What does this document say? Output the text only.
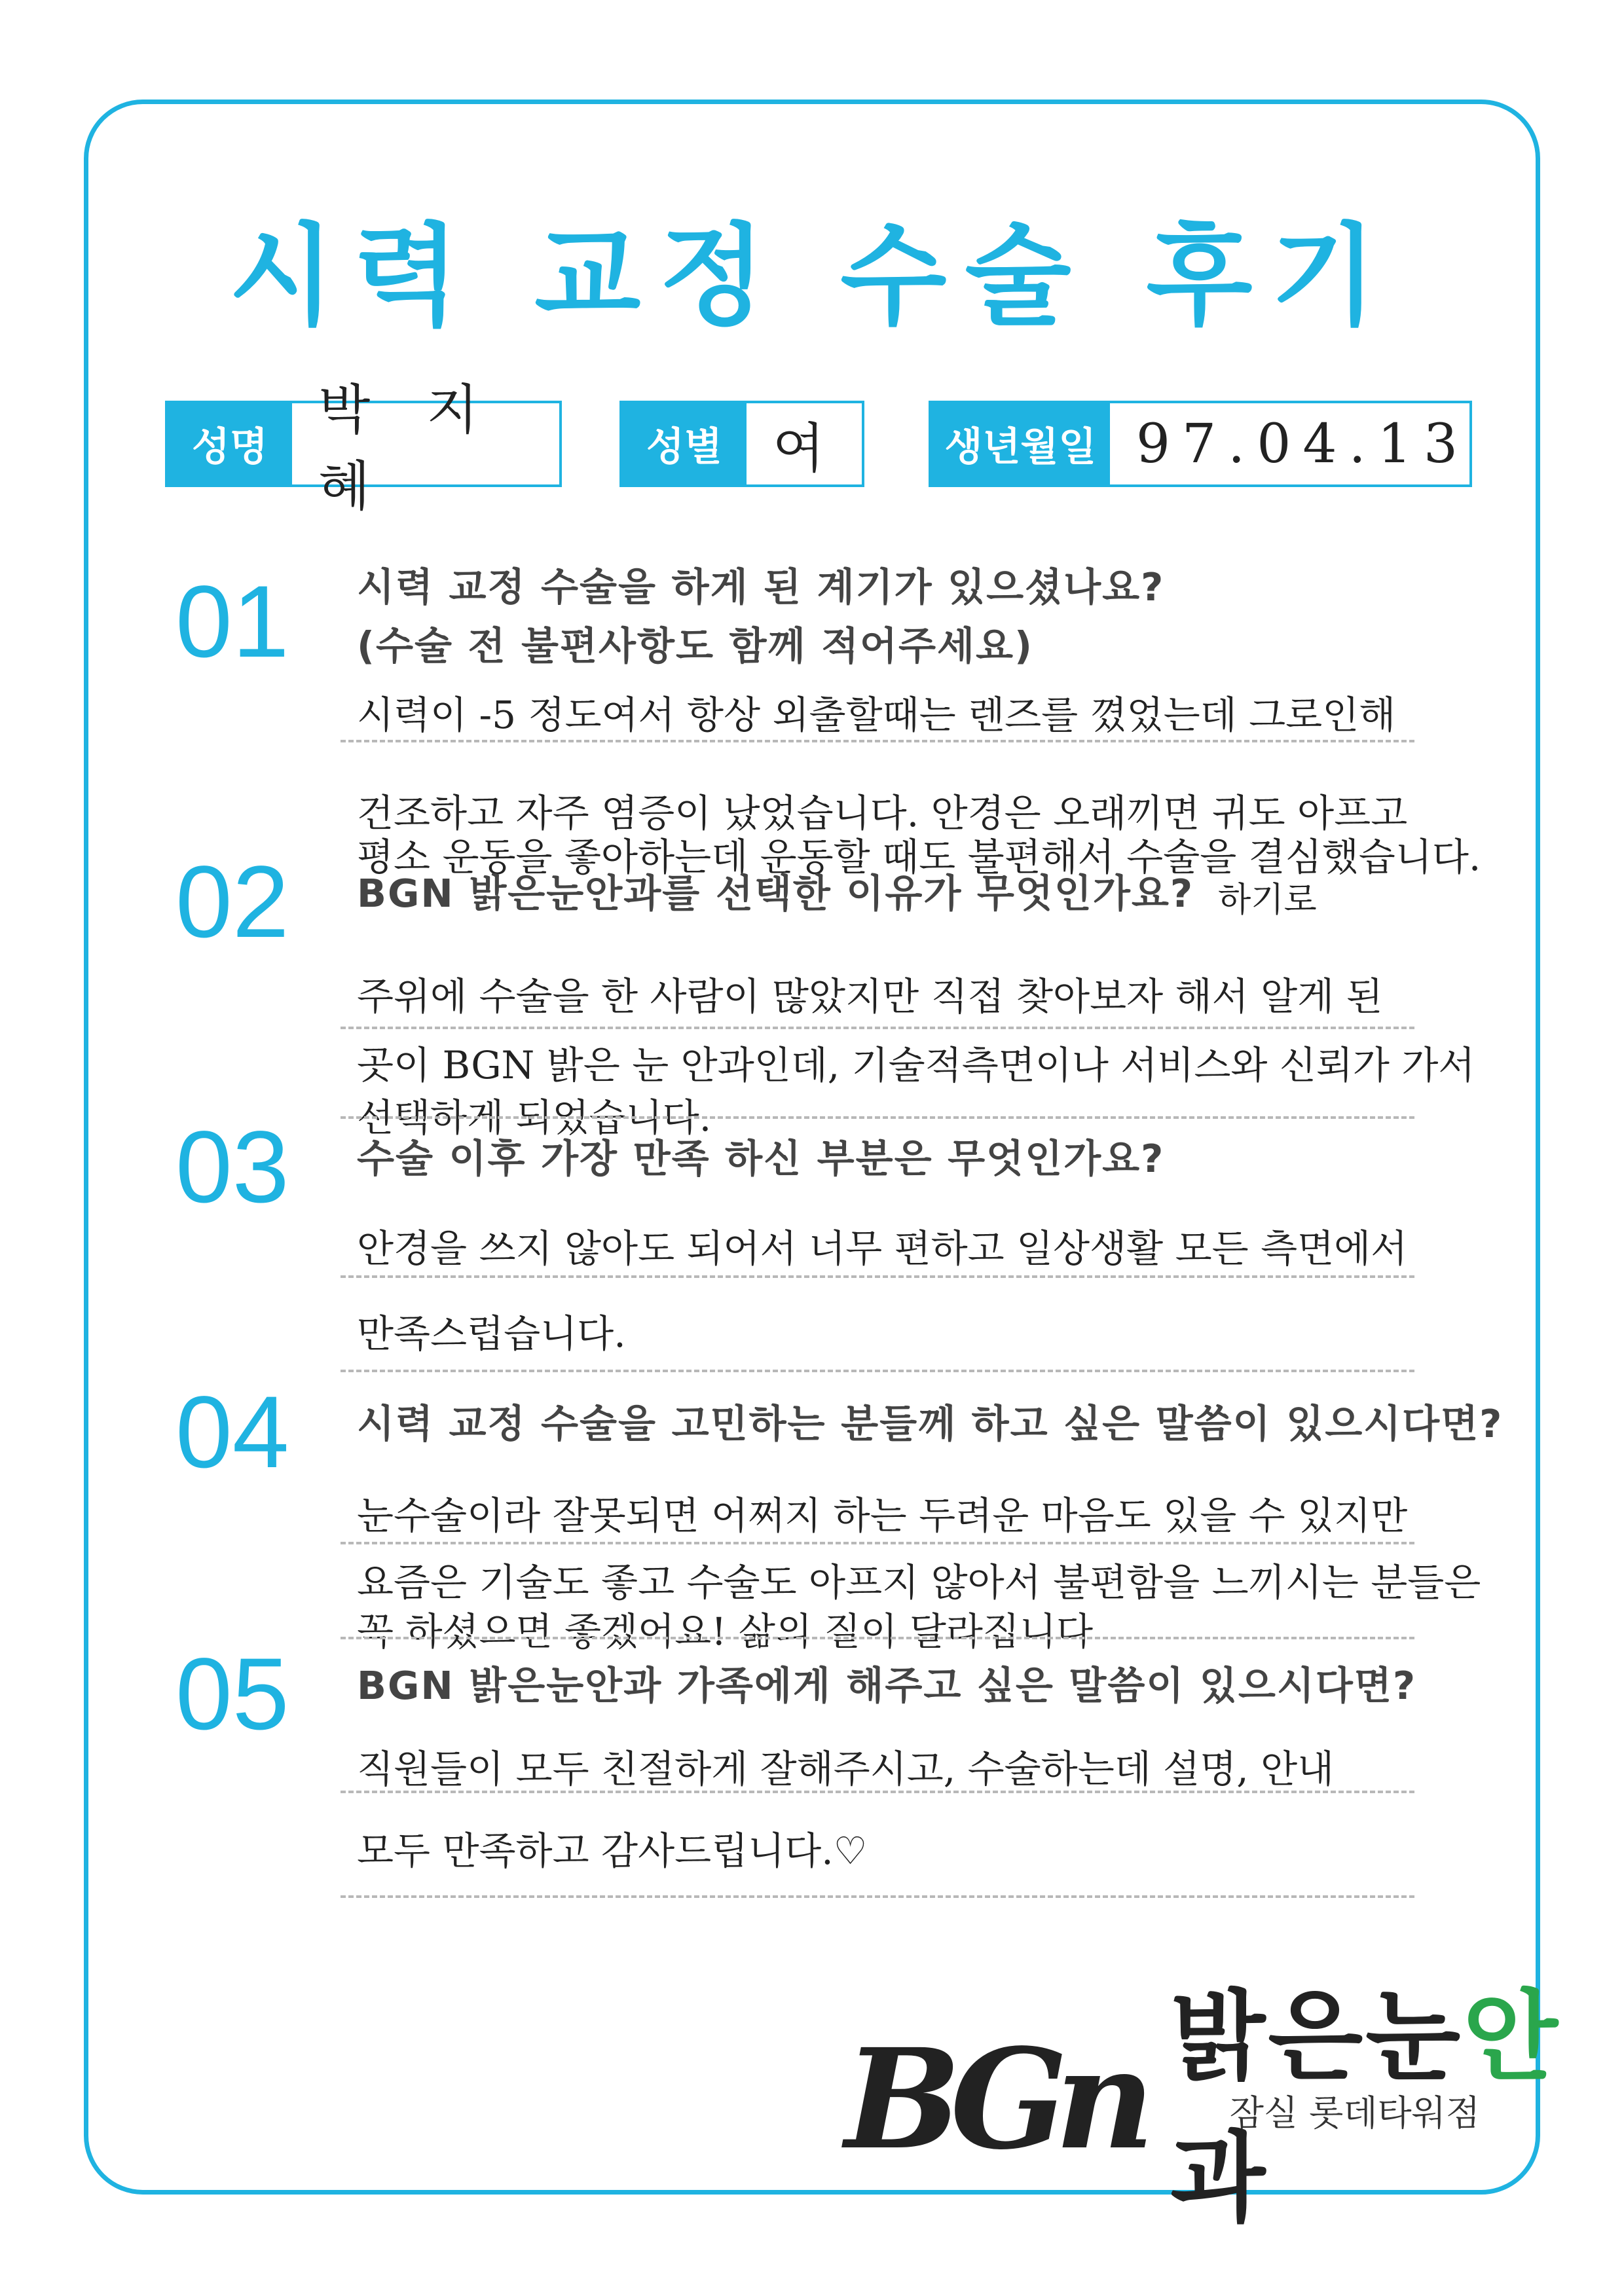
시력 교정 수술 후기
성명
박 지 혜
성별 여	생년월일 97.04.13
01 시력 교정 수술을 하게 된 계기가 있으셨나요?
(수술 전 불편사항도 함께 적어주세요)
시력이 -5 정도여서 항상 외출할때는 렌즈를 꼈었는데 그로인해
건조하고 자주 염증이 났었습니다. 안경은 오래끼면 귀도 아프고
평소 운동을 좋아하는데 운동할 때도 불편해서 수술을 결심했습니다.
02 BGN 밝은눈안과를 선택한 이유가 무엇인가요? 하기로
주위에 수술을 한 사람이 많았지만 직접 찾아보자 해서 알게 된
곳이 BGN 밝은 눈 안과인데, 기술적측면이나 서비스와 신뢰가 가서
선택하게 되었습니다.
03 수술 이후 가장 만족 하신 부분은 무엇인가요?
안경을 쓰지 않아도 되어서 너무 편하고 일상생활 모든 측면에서
만족스럽습니다.
04 시력 교정 수술을 고민하는 분들께 하고 싶은 말씀이 있으시다면?
눈수술이라 잘못되면 어쩌지 하는 두려운 마음도 있을 수 있지만
요즘은 기술도 좋고 수술도 아프지 않아서 불편함을 느끼시는 분들은
꼭 하셨으면 좋겠어요! 삶의 질이 달라집니다
05 BGN 밝은눈안과 가족에게 해주고 싶은 말씀이 있으시다면?
직원들이 모두 친절하게 잘해주시고, 수술하는데 설명, 안내
모두 만족하고 감사드립니다.♡
BGn 밝은눈안과
잠실 롯데타워점
